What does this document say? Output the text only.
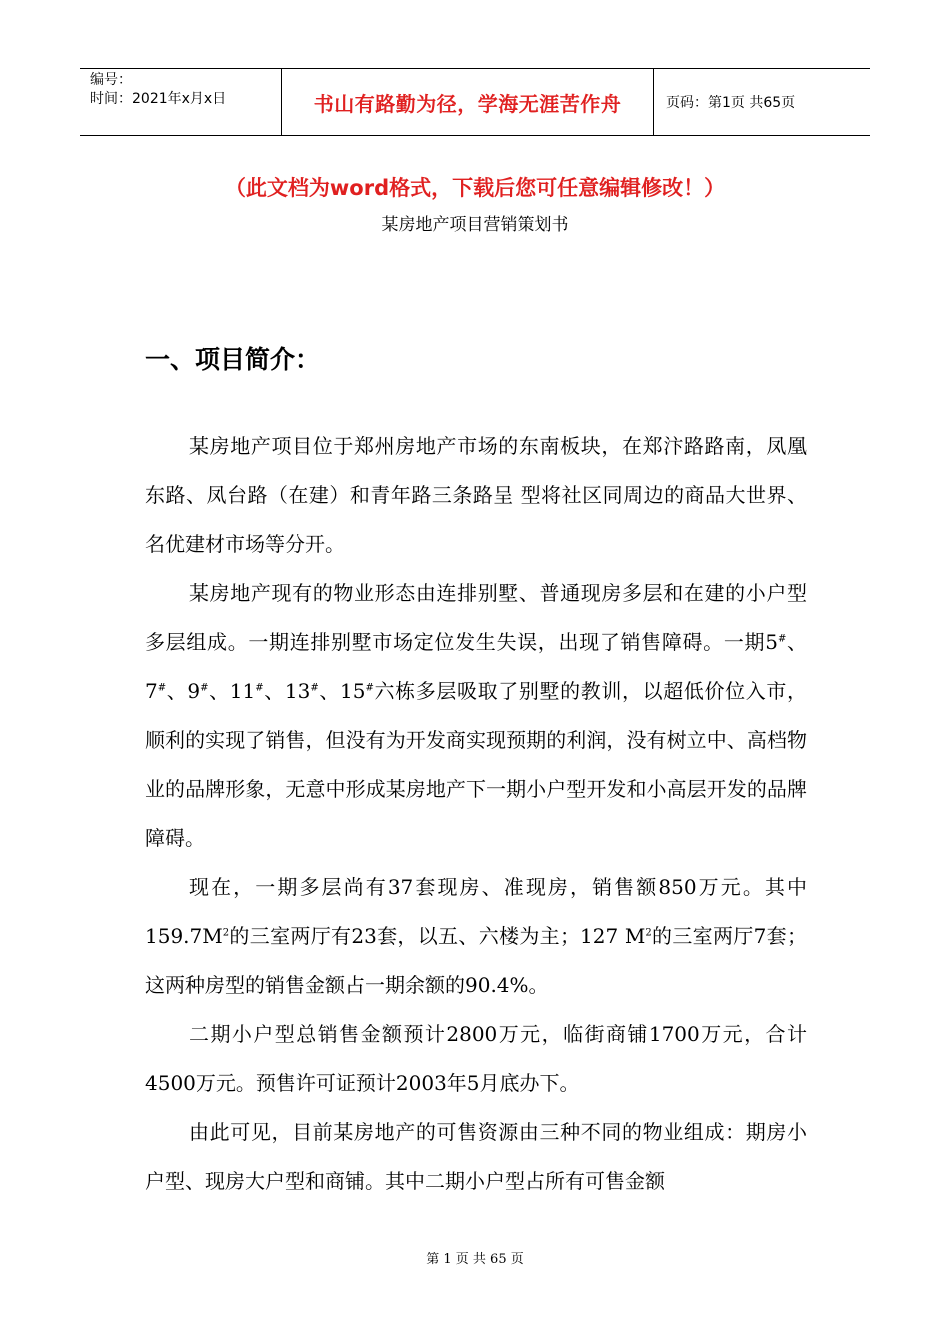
编号：
时间：2021年x月x日	书山有路勤为径，学海无涯苦作舟	页码：第1页 共65页
（此文档为word格式，下载后您可任意编辑修改！）
某房地产项目营销策划书
一、项目简介：

某房地产项目位于郑州房地产市场的东南板块，在郑汴路路南，凤凰东路、凤台路（在建）和青年路三条路呈 型将社区同周边的商品大世界、名优建材市场等分开。

某房地产现有的物业形态由连排别墅、普通现房多层和在建的小户型多层组成。一期连排别墅市场定位发生失误，出现了销售障碍。一期5#、7#、9#、11#、13#、15#六栋多层吸取了别墅的教训，以超低价位入市，顺利的实现了销售，但没有为开发商实现预期的利润，没有树立中、高档物业的品牌形象，无意中形成某房地产下一期小户型开发和小高层开发的品牌障碍。

现在，一期多层尚有37套现房、准现房，销售额850万元。其中$159.7M^2$的三室两厅有23套，以五、六楼为主；127 $M^2$的三室两厅7套；这两种房型的销售金额占一期余额的90.4%。

二期小户型总销售金额预计2800万元，临街商铺1700万元，合计4500万元。预售许可证预计2003年5月底办下。

由此可见，目前某房地产的可售资源由三种不同的物业组成：期房小户型、现房大户型和商铺。其中二期小户型占所有可售金额

第 1 页 共 65 页
